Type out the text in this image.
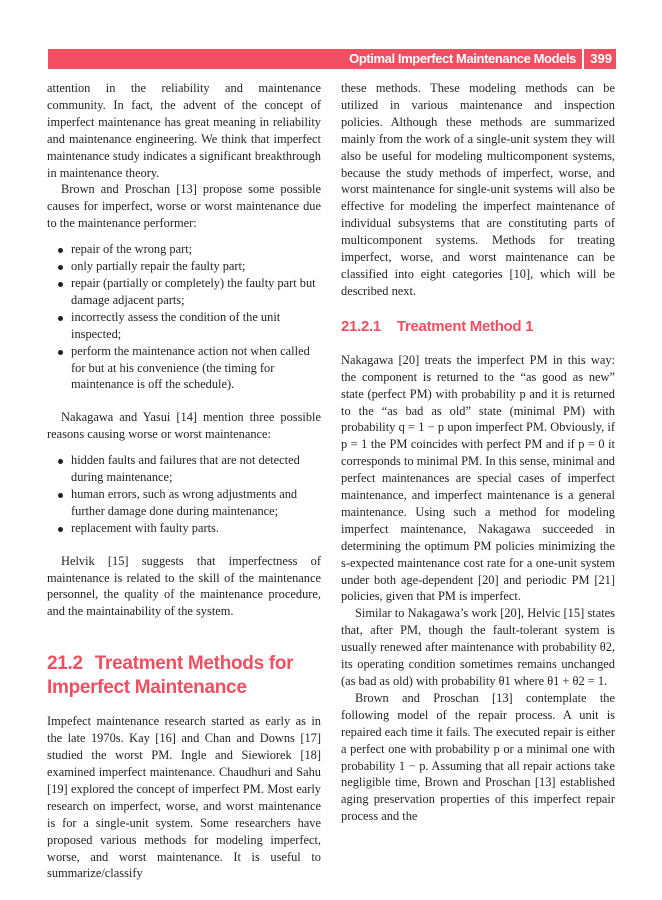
Optimal Imperfect Maintenance Models 399

attention in the reliability and maintenance community. In fact, the advent of the concept of imperfect maintenance has great meaning in reliability and maintenance engineering. We think that imperfect maintenance study indicates a significant breakthrough in maintenance theory.

Brown and Proschan [13] propose some possible causes for imperfect, worse or worst maintenance due to the maintenance performer:

repair of the wrong part;
only partially repair the faulty part;
repair (partially or completely) the faulty part but damage adjacent parts;
incorrectly assess the condition of the unit inspected;
perform the maintenance action not when called for but at his convenience (the timing for maintenance is off the schedule).

Nakagawa and Yasui [14] mention three possible reasons causing worse or worst maintenance:

hidden faults and failures that are not detected during maintenance;
human errors, such as wrong adjustments and further damage done during maintenance;
replacement with faulty parts.

Helvik [15] suggests that imperfectness of maintenance is related to the skill of the maintenance personnel, the quality of the maintenance procedure, and the maintainability of the system.

21.2 Treatment Methods for Imperfect Maintenance

Impefect maintenance research started as early as in the late 1970s. Kay [16] and Chan and Downs [17] studied the worst PM. Ingle and Siewiorek [18] examined imperfect maintenance. Chaudhuri and Sahu [19] explored the concept of imperfect PM. Most early research on imperfect, worse, and worst maintenance is for a single-unit system. Some researchers have proposed various methods for modeling imperfect, worse, and worst maintenance. It is useful to summarize/classify

these methods. These modeling methods can be utilized in various maintenance and inspection policies. Although these methods are summarized mainly from the work of a single-unit system they will also be useful for modeling multicomponent systems, because the study methods of imperfect, worse, and worst maintenance for single-unit systems will also be effective for modeling the imperfect maintenance of individual subsystems that are constituting parts of multicomponent systems. Methods for treating imperfect, worse, and worst maintenance can be classified into eight categories [10], which will be described next.

21.2.1 Treatment Method 1

Nakagawa [20] treats the imperfect PM in this way: the component is returned to the “as good as new” state (perfect PM) with probability p and it is returned to the “as bad as old” state (minimal PM) with probability q = 1 − p upon imperfect PM. Obviously, if p = 1 the PM coincides with perfect PM and if p = 0 it corresponds to minimal PM. In this sense, minimal and perfect maintenances are special cases of imperfect maintenance, and imperfect maintenance is a general maintenance. Using such a method for modeling imperfect maintenance, Nakagawa succeeded in determining the optimum PM policies minimizing the s-expected maintenance cost rate for a one-unit system under both age-dependent [20] and periodic PM [21] policies, given that PM is imperfect.

Similar to Nakagawa’s work [20], Helvic [15] states that, after PM, though the fault-tolerant system is usually renewed after maintenance with probability θ2, its operating condition sometimes remains unchanged (as bad as old) with probability θ1 where θ1 + θ2 = 1.

Brown and Proschan [13] contemplate the following model of the repair process. A unit is repaired each time it fails. The executed repair is either a perfect one with probability p or a minimal one with probability 1 − p. Assuming that all repair actions take negligible time, Brown and Proschan [13] established aging preservation properties of this imperfect repair process and the
